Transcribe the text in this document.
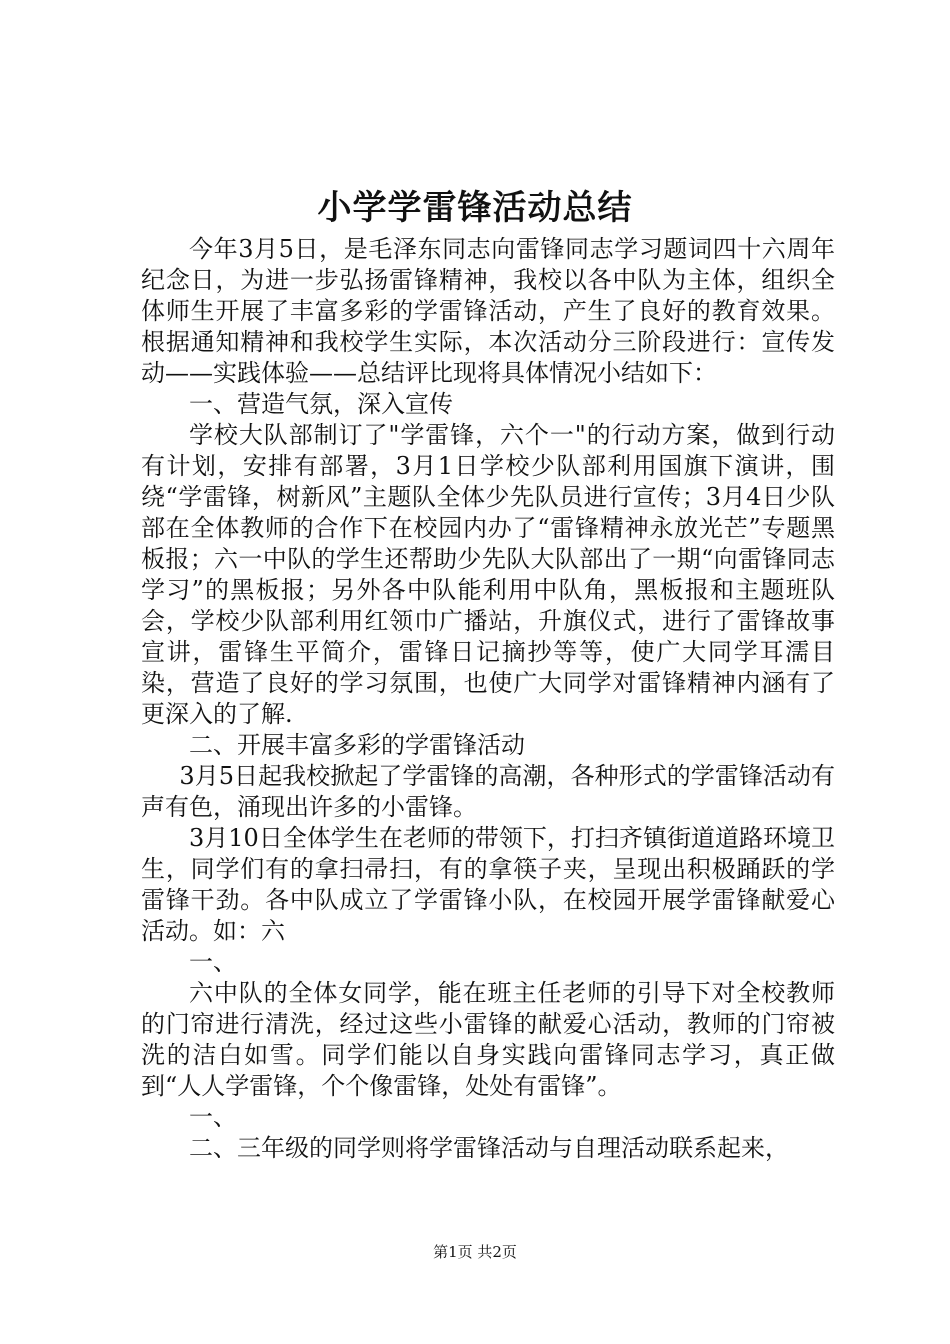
小学学雷锋活动总结

今年3月5日，是毛泽东同志向雷锋同志学习题词四十六周年纪念日，为进一步弘扬雷锋精神，我校以各中队为主体，组织全体师生开展了丰富多彩的学雷锋活动，产生了良好的教育效果。根据通知精神和我校学生实际，本次活动分三阶段进行：宣传发动——实践体验——总结评比现将具体情况小结如下：

一、营造气氛，深入宣传

学校大队部制订了"学雷锋，六个一"的行动方案，做到行动有计划，安排有部署，3月1日学校少队部利用国旗下演讲，围绕“学雷锋，树新风”主题队全体少先队员进行宣传；3月4日少队部在全体教师的合作下在校园内办了“雷锋精神永放光芒”专题黑板报；六一中队的学生还帮助少先队大队部出了一期“向雷锋同志学习”的黑板报；另外各中队能利用中队角，黑板报和主题班队会，学校少队部利用红领巾广播站，升旗仪式，进行了雷锋故事宣讲，雷锋生平简介，雷锋日记摘抄等等，使广大同学耳濡目染，营造了良好的学习氛围，也使广大同学对雷锋精神内涵有了更深入的了解.

二、开展丰富多彩的学雷锋活动

3月5日起我校掀起了学雷锋的高潮，各种形式的学雷锋活动有声有色，涌现出许多的小雷锋。

3月10日全体学生在老师的带领下，打扫齐镇街道道路环境卫生，同学们有的拿扫帚扫，有的拿筷子夹，呈现出积极踊跃的学雷锋干劲。各中队成立了学雷锋小队，在校园开展学雷锋献爱心活动。如：六

一、

六中队的全体女同学，能在班主任老师的引导下对全校教师的门帘进行清洗，经过这些小雷锋的献爱心活动，教师的门帘被洗的洁白如雪。同学们能以自身实践向雷锋同志学习，真正做到“人人学雷锋，个个像雷锋，处处有雷锋”。

一、

二、三年级的同学则将学雷锋活动与自理活动联系起来，

第1页 共2页
